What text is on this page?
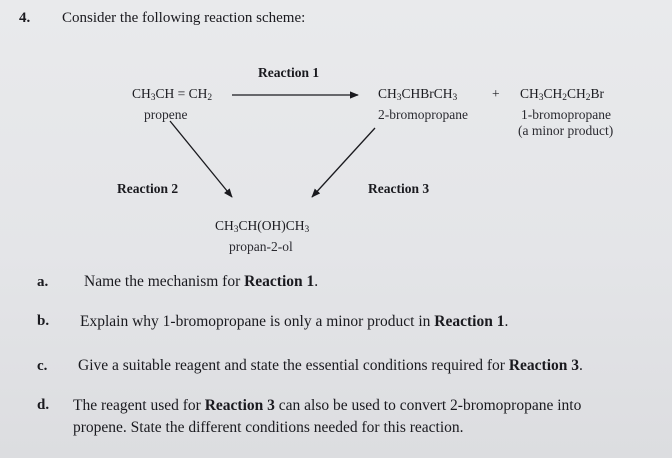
4. Consider the following reaction scheme:
Reaction 1
$CH_3CH = CH_2$
propene
$CH_3CHBrCH_3$
2-bromopropane
+ $CH_3CH_2CH_2Br$
1-bromopropane
(a minor product)
Reaction 2	Reaction 3
$CH_3CH(OH)CH_3$
propan-2-ol
a. Name the mechanism for Reaction 1.
b. Explain why 1-bromopropane is only a minor product in Reaction 1.
c. Give a suitable reagent and state the essential conditions required for Reaction 3.
d. The reagent used for Reaction 3 can also be used to convert 2-bromopropane into
propene. State the different conditions needed for this reaction.
